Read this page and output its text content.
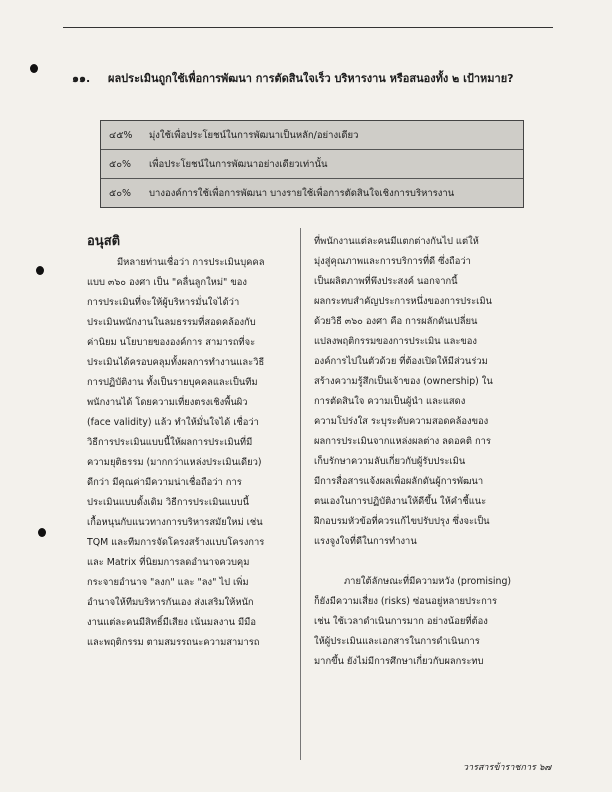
๑๑.	ผลประเมินถูกใช้เพื่อการพัฒนา การตัดสินใจเร็ว บริหารงาน หรือสนองทั้ง ๒ เป้าหมาย?

๔๕%	มุ่งใช้เพื่อประโยชน์ในการพัฒนาเป็นหลัก/อย่างเดียว
๕๐%	เพื่อประโยชน์ในการพัฒนาอย่างเดียวเท่านั้น
๕๐%	บางองค์การใช้เพื่อการพัฒนา บางรายใช้เพื่อการตัดสินใจเชิงการบริหารงาน
อนุสติ
มีหลายท่านเชื่อว่า การประเมินบุคคล
แบบ ๓๖๐ องศา เป็น "คลื่นลูกใหม่" ของ
การประเมินที่จะให้ผู้บริหารมั่นใจได้ว่า
ประเมินพนักงานในลมธรรมที่สอดคล้องกับ
ค่านิยม นโยบายขององค์การ สามารถที่จะ
ประเมินได้ครอบคลุมทั้งผลการทำงานและวิธี
การปฏิบัติงาน ทั้งเป็นรายบุคคลและเป็นทีม
พนักงานได้ โดยความเที่ยงตรงเชิงพื้นผิว
(face validity) แล้ว ทำให้มั่นใจได้ เชื่อว่า
วิธีการประเมินแบบนี้ให้ผลการประเมินที่มี
ความยุติธรรม (มากกว่าแหล่งประเมินเดียว)
ดีกว่า มีคุณค่ามีความน่าเชื่อถือว่า การ
ประเมินแบบดั้งเดิม วิธีการประเมินแบบนี้
เกื้อหนุนกับแนวทางการบริหารสมัยใหม่ เช่น
TQM และทีมการจัดโครงสร้างแบบโครงการ
และ Matrix ที่นิยมการลดอำนาจควบคุม
กระจายอำนาจ "ลงก" และ "ลง" ไป เพิ่ม
อำนาจให้ทีมบริหารกันเอง ส่งเสริมให้หนัก
งานแต่ละคนมีสิทธิ์มีเสียง เน้นมลงาน มีมือ
และพฤติกรรม ตามสมรรถนะความสามารถ
ที่พนักงานแต่ละคนมีแตกต่างกันไป แต่ให้
มุ่งสู่คุณภาพและการบริการที่ดี ซึ่งถือว่า
เป็นผลิตภาพที่พึงประสงค์ นอกจากนี้
ผลกระทบสำคัญประการหนึ่งของการประเมิน
ด้วยวิธี ๓๖๐ องศา คือ การผลักดันเปลี่ยน
แปลงพฤติกรรมของการประเมิน และของ
องค์การไปในตัวด้วย ที่ต้องเปิดให้มีส่วนร่วม
สร้างความรู้สึกเป็นเจ้าของ (ownership) ใน
การตัดสินใจ ความเป็นผู้นำ และแสดง
ความโปร่งใส ระบุระดับความสอดคล้องของ
ผลการประเมินจากแหล่งผลต่าง ลดอคติ การ
เก็บรักษาความลับเกี่ยวกับผู้รับประเมิน
มีการสื่อสารแจ้งผลเพื่อผลักดันผู้การพัฒนา
ตนเองในการปฏิบัติงานให้ดีขึ้น ให้คำชี้แนะ
ฝึกอบรมหัวข้อที่ควรแก้ไขปรับปรุง ซึ่งจะเป็น
แรงจูงใจที่ดีในการทำงาน

ภายใต้ลักษณะที่มีความหวัง (promising)
ก็ยังมีความเสี่ยง (risks) ซ่อนอยู่หลายประการ
เช่น ใช้เวลาดำเนินการมาก อย่างน้อยที่ต้อง
ให้ผู้ประเมินและเอกสารในการดำเนินการ
มากขึ้น ยังไม่มีการศึกษาเกี่ยวกับผลกระทบ

วารสารข้าราชการ ๖๗
